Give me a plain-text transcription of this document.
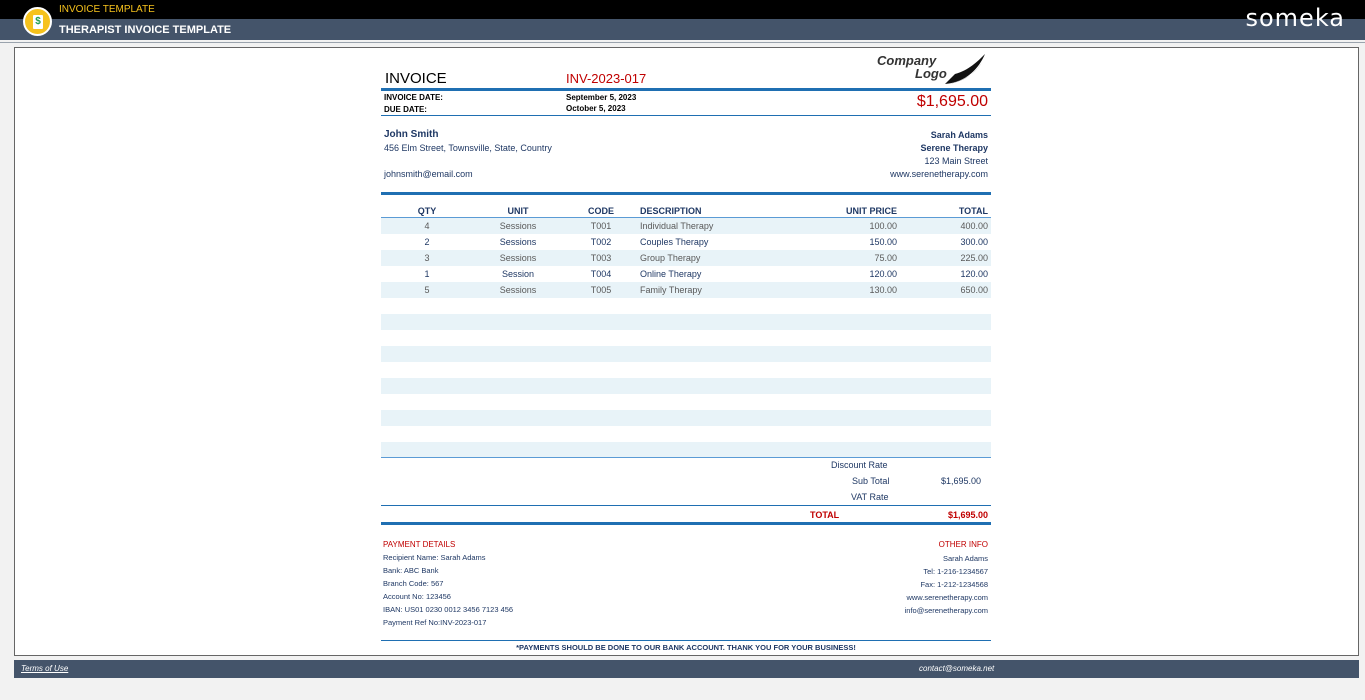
$
INVOICE TEMPLATE
THERAPIST INVOICE TEMPLATE	someka
Company
Logo
INVOICE	INV-2023-017
INVOICE DATE:	September 5, 2023
DUE DATE:	October 5, 2023	$1,695.00
John Smith
456 Elm Street, Townsville, State, Country
johnsmith@email.com
Sarah Adams
Serene Therapy
123 Main Street
www.serenetherapy.com
QTY	UNIT	CODE	DESCRIPTION	UNIT PRICE	TOTAL
4	Sessions	T001	Individual Therapy	100.00	400.00
2	Sessions	T002	Couples Therapy	150.00	300.00
3	Sessions	T003	Group Therapy	75.00	225.00
1	Session	T004	Online Therapy	120.00	120.00
5	Sessions	T005	Family Therapy	130.00	650.00
Discount Rate
Sub Total	$1,695.00
VAT Rate
TOTAL	$1,695.00
PAYMENT DETAILS
Recipient Name: Sarah Adams
Bank: ABC Bank
Branch Code: 567
Account No: 123456
IBAN: US01 0230 0012 3456 7123 456
Payment Ref No:INV-2023-017
OTHER INFO
Sarah Adams
Tel: 1-216-1234567
Fax: 1-212-1234568
www.serenetherapy.com
info@serenetherapy.com
*PAYMENTS SHOULD BE DONE TO OUR BANK ACCOUNT. THANK YOU FOR YOUR BUSINESS!
Terms of Use	contact@someka.net
